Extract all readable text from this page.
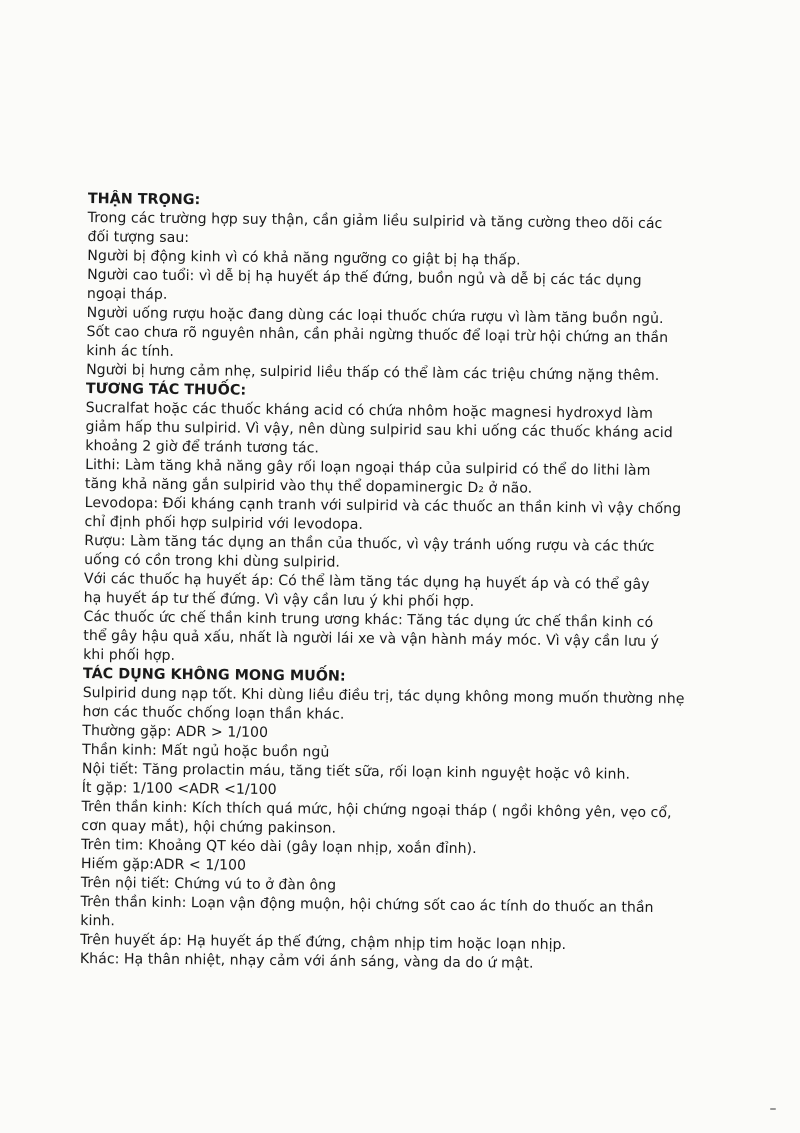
THẬN TRỌNG:
Trong các trường hợp suy thận, cần giảm liều sulpirid và tăng cường theo dõi các
đối tượng sau:
Người bị động kinh vì có khả năng ngưỡng co giật bị hạ thấp.
Người cao tuổi: vì dễ bị hạ huyết áp thế đứng, buồn ngủ và dễ bị các tác dụng
ngoại tháp.
Người uống rượu hoặc đang dùng các loại thuốc chứa rượu vì làm tăng buồn ngủ.
Sốt cao chưa rõ nguyên nhân, cần phải ngừng thuốc để loại trừ hội chứng an thần
kinh ác tính.
Người bị hưng cảm nhẹ, sulpirid liều thấp có thể làm các triệu chứng nặng thêm.
TƯƠNG TÁC THUỐC:
Sucralfat hoặc các thuốc kháng acid có chứa nhôm hoặc magnesi hydroxyd làm
giảm hấp thu sulpirid. Vì vậy, nên dùng sulpirid sau khi uống các thuốc kháng acid
khoảng 2 giờ để tránh tương tác.
Lithi: Làm tăng khả năng gây rối loạn ngoại tháp của sulpirid có thể do lithi làm
tăng khả năng gắn sulpirid vào thụ thể dopaminergic D₂ ở não.
Levodopa: Đối kháng cạnh tranh với sulpirid và các thuốc an thần kinh vì vậy chống
chỉ định phối hợp sulpirid với levodopa.
Rượu: Làm tăng tác dụng an thần của thuốc, vì vậy tránh uống rượu và các thức
uống có cồn trong khi dùng sulpirid.
Với các thuốc hạ huyết áp: Có thể làm tăng tác dụng hạ huyết áp và có thể gây
hạ huyết áp tư thế đứng. Vì vậy cần lưu ý khi phối hợp.
Các thuốc ức chế thần kinh trung ương khác: Tăng tác dụng ức chế thần kinh có
thể gây hậu quả xấu, nhất là người lái xe và vận hành máy móc. Vì vậy cần lưu ý
khi phối hợp.
TÁC DỤNG KHÔNG MONG MUỐN:
Sulpirid dung nạp tốt. Khi dùng liều điều trị, tác dụng không mong muốn thường nhẹ
hơn các thuốc chống loạn thần khác.
Thường gặp: ADR > 1/100
Thần kinh: Mất ngủ hoặc buồn ngủ
Nội tiết: Tăng prolactin máu, tăng tiết sữa, rối loạn kinh nguyệt hoặc vô kinh.
Ít gặp: 1/100 <ADR <1/100
Trên thần kinh: Kích thích quá mức, hội chứng ngoại tháp ( ngồi không yên, vẹo cổ,
cơn quay mắt), hội chứng pakinson.
Trên tim: Khoảng QT kéo dài (gây loạn nhịp, xoắn đỉnh).
Hiếm gặp:ADR < 1/100
Trên nội tiết: Chứng vú to ở đàn ông
Trên thần kinh: Loạn vận động muộn, hội chứng sốt cao ác tính do thuốc an thần
kinh.
Trên huyết áp: Hạ huyết áp thế đứng, chậm nhịp tim hoặc loạn nhịp.
Khác: Hạ thân nhiệt, nhạy cảm với ánh sáng, vàng da do ứ mật.
